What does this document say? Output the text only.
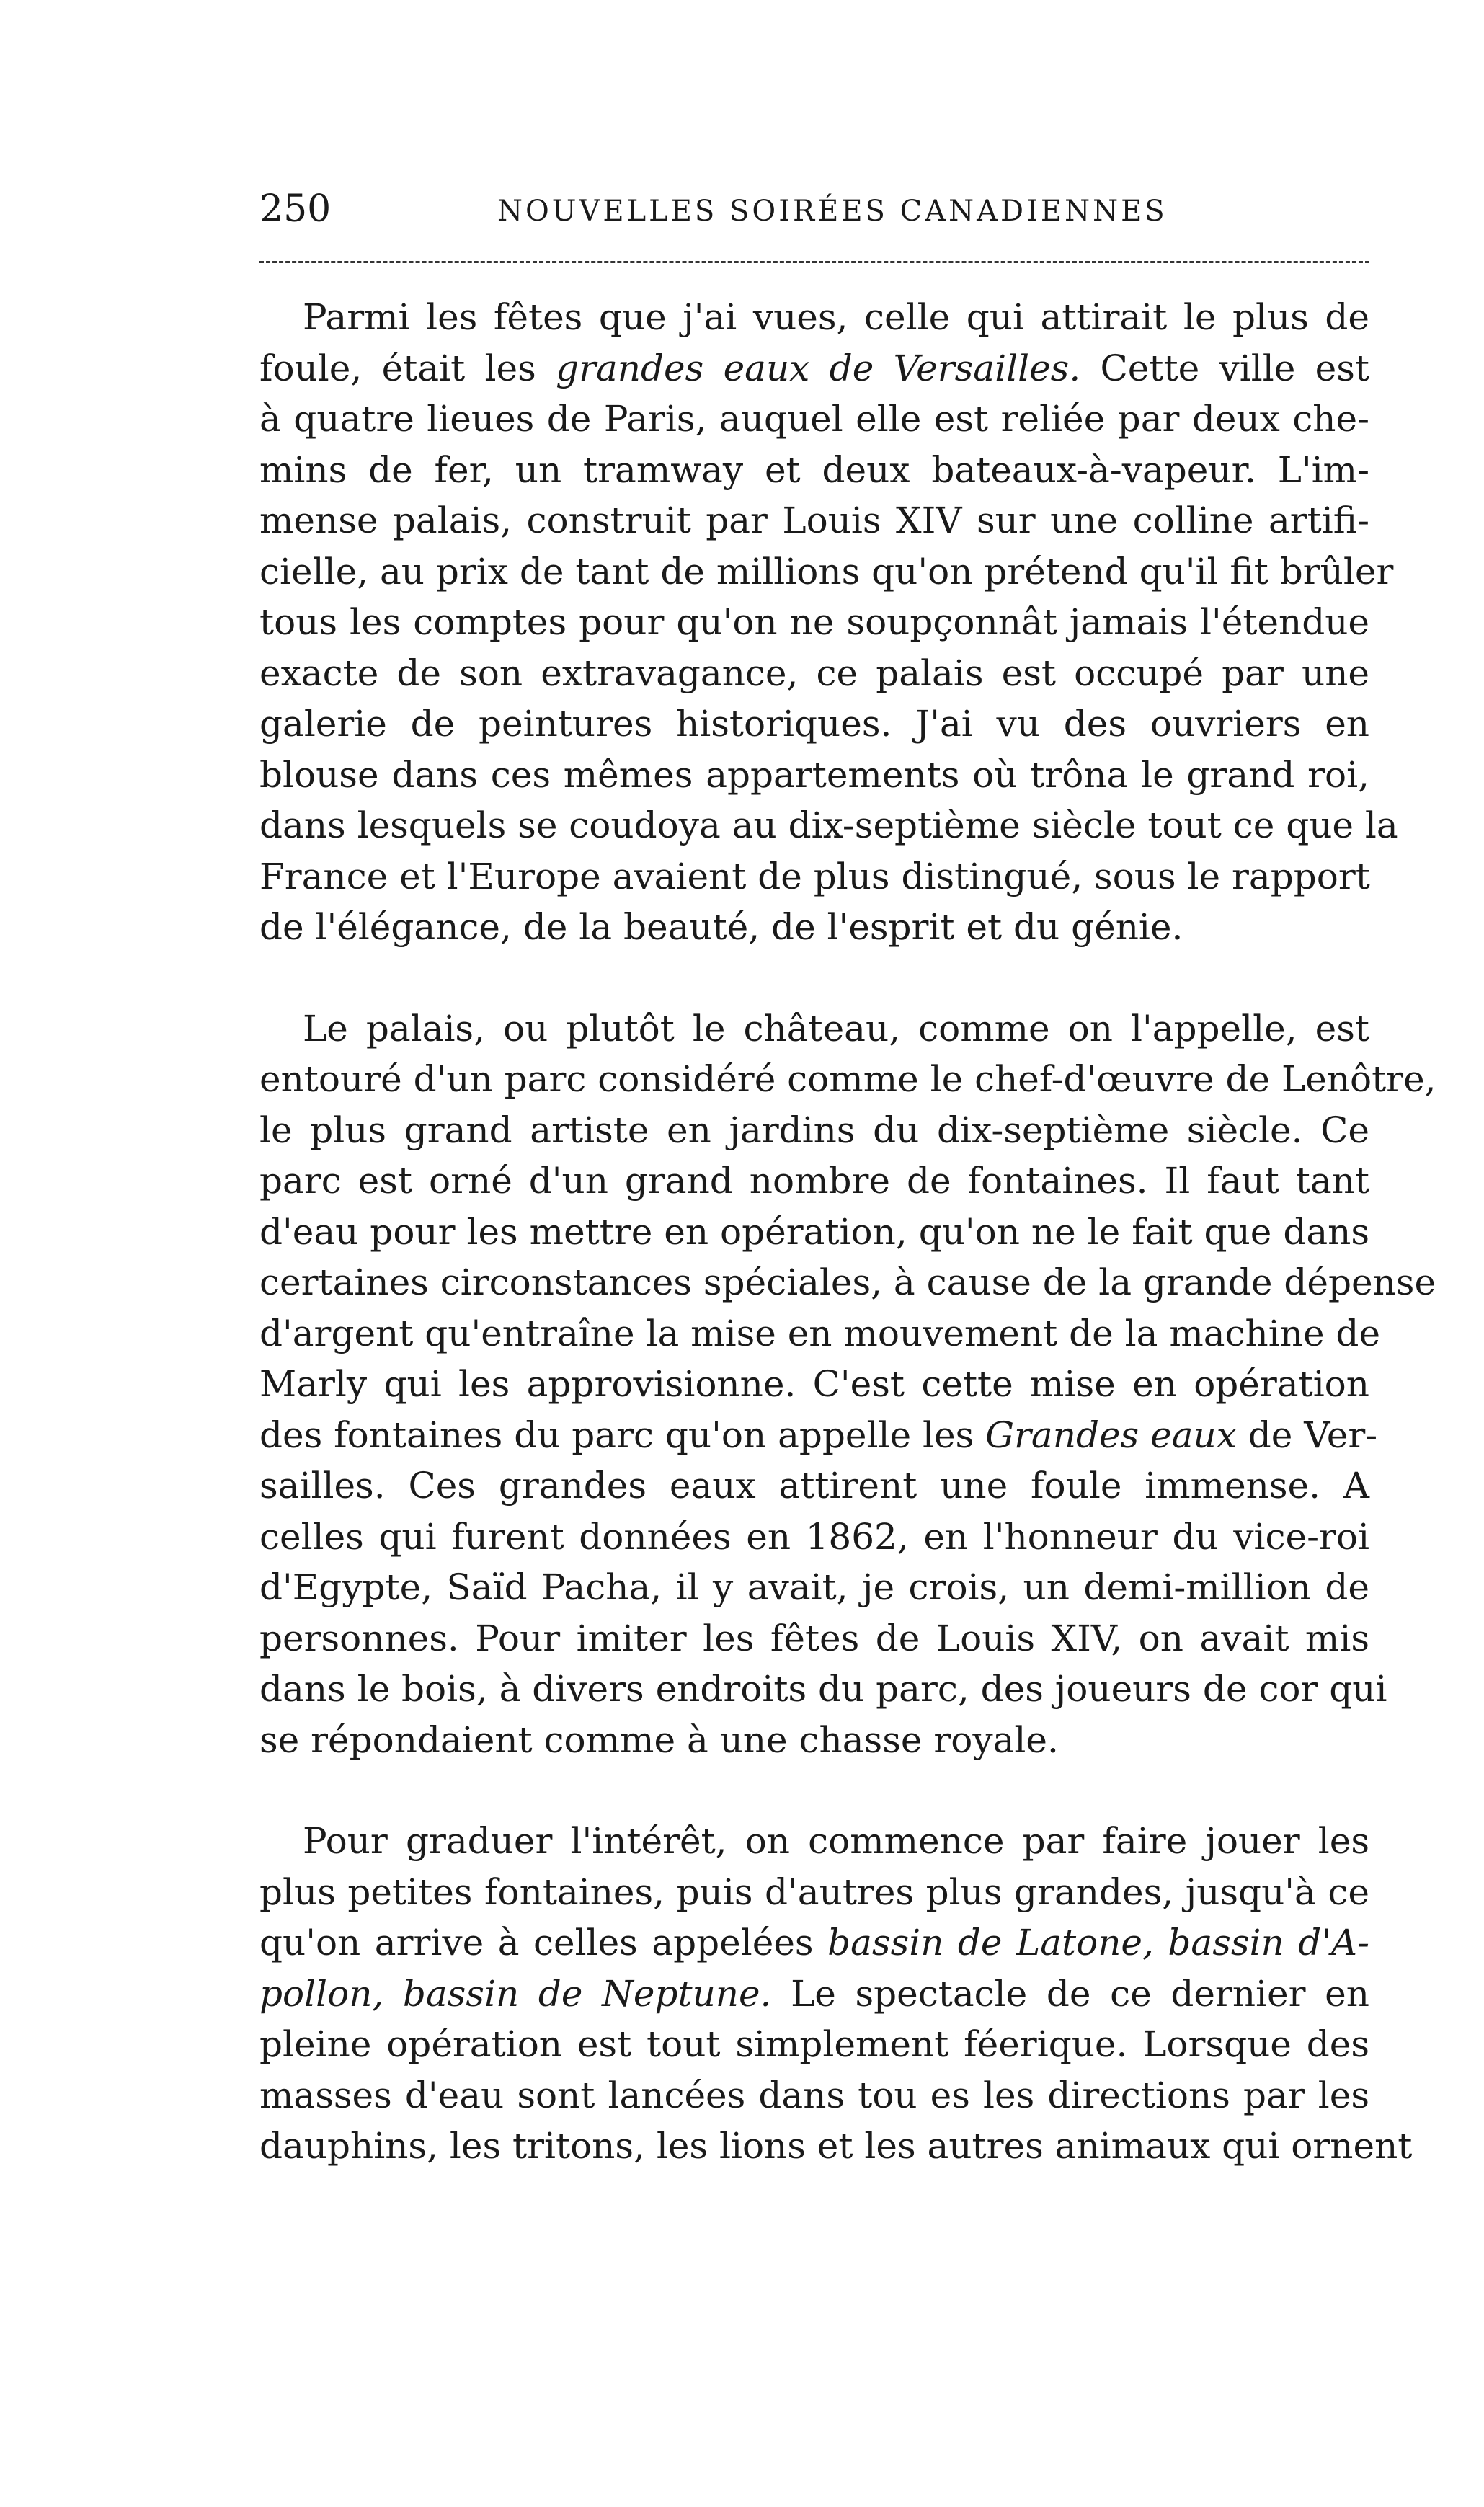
250	NOUVELLES SOIRÉES CANADIENNES

Parmi les fêtes que j'ai vues, celle qui attirait le plus de
foule, était les grandes eaux de Versailles. Cette ville est
à quatre lieues de Paris, auquel elle est reliée par deux che-
mins de fer, un tramway et deux bateaux-à-vapeur. L'im-
mense palais, construit par Louis XIV sur une colline artifi-
cielle, au prix de tant de millions qu'on prétend qu'il fit brûler
tous les comptes pour qu'on ne soupçonnât jamais l'étendue
exacte de son extravagance, ce palais est occupé par une
galerie de peintures historiques. J'ai vu des ouvriers en
blouse dans ces mêmes appartements où trôna le grand roi,
dans lesquels se coudoya au dix-septième siècle tout ce que la
France et l'Europe avaient de plus distingué, sous le rapport
de l'élégance, de la beauté, de l'esprit et du génie.

Le palais, ou plutôt le château, comme on l'appelle, est
entouré d'un parc considéré comme le chef-d'œuvre de Lenôtre,
le plus grand artiste en jardins du dix-septième siècle. Ce
parc est orné d'un grand nombre de fontaines. Il faut tant
d'eau pour les mettre en opération, qu'on ne le fait que dans
certaines circonstances spéciales, à cause de la grande dépense
d'argent qu'entraîne la mise en mouvement de la machine de
Marly qui les approvisionne. C'est cette mise en opération
des fontaines du parc qu'on appelle les Grandes eaux de Ver-
sailles. Ces grandes eaux attirent une foule immense. A
celles qui furent données en 1862, en l'honneur du vice-roi
d'Egypte, Saïd Pacha, il y avait, je crois, un demi-million de
personnes. Pour imiter les fêtes de Louis XIV, on avait mis
dans le bois, à divers endroits du parc, des joueurs de cor qui
se répondaient comme à une chasse royale.

Pour graduer l'intérêt, on commence par faire jouer les
plus petites fontaines, puis d'autres plus grandes, jusqu'à ce
qu'on arrive à celles appelées bassin de Latone, bassin d'A-
pollon, bassin de Neptune. Le spectacle de ce dernier en
pleine opération est tout simplement féerique. Lorsque des
masses d'eau sont lancées dans tou es les directions par les
dauphins, les tritons, les lions et les autres animaux qui ornent
